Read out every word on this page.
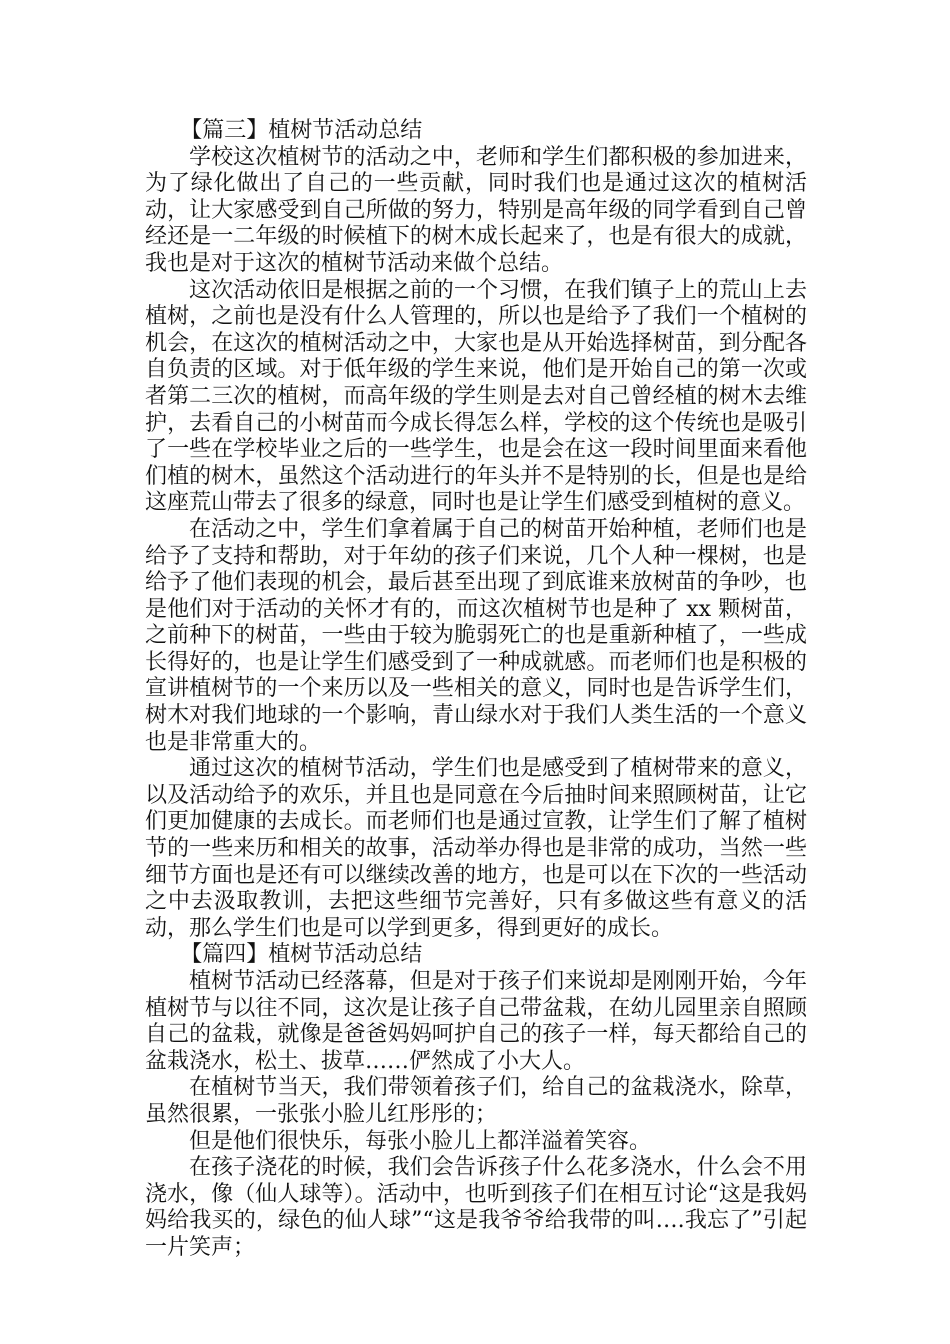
【篇三】植树节活动总结

学校这次植树节的活动之中，老师和学生们都积极的参加进来，为了绿化做出了自己的一些贡献，同时我们也是通过这次的植树活动，让大家感受到自己所做的努力，特别是高年级的同学看到自己曾经还是一二年级的时候植下的树木成长起来了，也是有很大的成就，我也是对于这次的植树节活动来做个总结。

这次活动依旧是根据之前的一个习惯，在我们镇子上的荒山上去植树，之前也是没有什么人管理的，所以也是给予了我们一个植树的机会，在这次的植树活动之中，大家也是从开始选择树苗，到分配各自负责的区域。对于低年级的学生来说，他们是开始自己的第一次或者第二三次的植树，而高年级的学生则是去对自己曾经植的树木去维护，去看自己的小树苗而今成长得怎么样，学校的这个传统也是吸引了一些在学校毕业之后的一些学生，也是会在这一段时间里面来看他们植的树木，虽然这个活动进行的年头并不是特别的长，但是也是给这座荒山带去了很多的绿意，同时也是让学生们感受到植树的意义。

在活动之中，学生们拿着属于自己的树苗开始种植，老师们也是给予了支持和帮助，对于年幼的孩子们来说，几个人种一棵树，也是给予了他们表现的机会，最后甚至出现了到底谁来放树苗的争吵，也是他们对于活动的关怀才有的，而这次植树节也是种了 xx 颗树苗，之前种下的树苗，一些由于较为脆弱死亡的也是重新种植了，一些成长得好的，也是让学生们感受到了一种成就感。而老师们也是积极的宣讲植树节的一个来历以及一些相关的意义，同时也是告诉学生们，树木对我们地球的一个影响，青山绿水对于我们人类生活的一个意义也是非常重大的。

通过这次的植树节活动，学生们也是感受到了植树带来的意义，以及活动给予的欢乐，并且也是同意在今后抽时间来照顾树苗，让它们更加健康的去成长。而老师们也是通过宣教，让学生们了解了植树节的一些来历和相关的故事，活动举办得也是非常的成功，当然一些细节方面也是还有可以继续改善的地方，也是可以在下次的一些活动之中去汲取教训，去把这些细节完善好，只有多做这些有意义的活动，那么学生们也是可以学到更多，得到更好的成长。

【篇四】植树节活动总结

植树节活动已经落幕，但是对于孩子们来说却是刚刚开始，今年植树节与以往不同，这次是让孩子自己带盆栽，在幼儿园里亲自照顾自己的盆栽，就像是爸爸妈妈呵护自己的孩子一样，每天都给自己的盆栽浇水，松土、拔草……俨然成了小大人。

在植树节当天，我们带领着孩子们，给自己的盆栽浇水，除草，虽然很累，一张张小脸儿红彤彤的；

但是他们很快乐，每张小脸儿上都洋溢着笑容。

在孩子浇花的时候，我们会告诉孩子什么花多浇水，什么会不用浇水，像（仙人球等）。活动中，也听到孩子们在相互讨论“这是我妈妈给我买的，绿色的仙人球”“这是我爷爷给我带的叫….我忘了”引起一片笑声；
